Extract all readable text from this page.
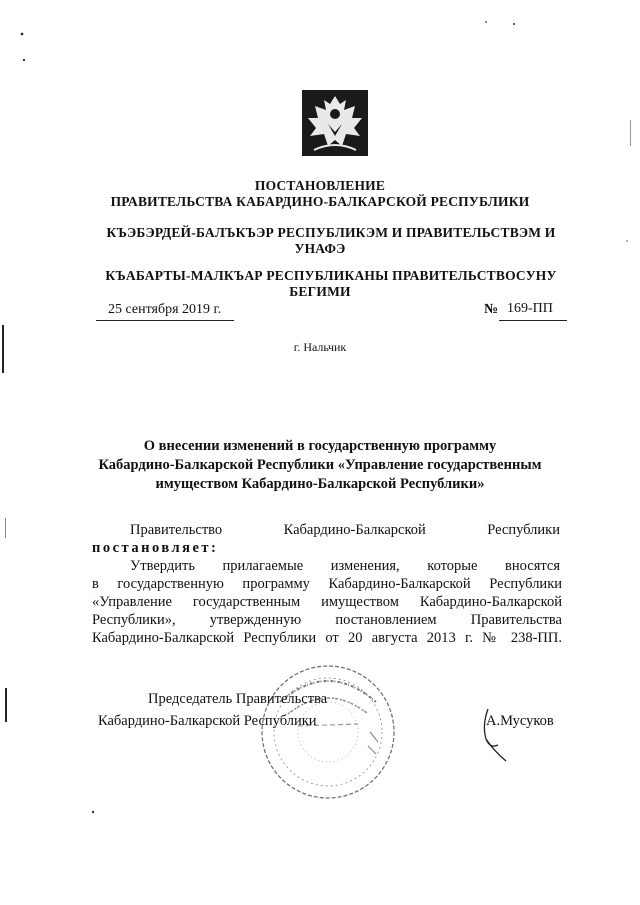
ПОСТАНОВЛЕНИЕ
ПРАВИТЕЛЬСТВА КАБАРДИНО-БАЛКАРСКОЙ РЕСПУБЛИКИ
КЪЭБЭРДЕЙ-БАЛЪКЪЭР РЕСПУБЛИКЭМ И ПРАВИТЕЛЬСТВЭМ И
УНАФЭ
КЪАБАРТЫ-МАЛКЪАР РЕСПУБЛИКАНЫ ПРАВИТЕЛЬСТВОСУНУ
БЕГИМИ
25 сентября 2019 г.	№ 169-ПП
г. Нальчик
О внесении изменений в государственную программу
Кабардино-Балкарской Республики «Управление государственным
имуществом Кабардино-Балкарской Республики»
Правительство Кабардино-Балкарской Республики
постановляет:
Утвердить прилагаемые изменения, которые вносятся
в государственную программу Кабардино-Балкарской Республики
«Управление государственным имуществом Кабардино-Балкарской
Республики», утвержденную постановлением Правительства
Кабардино-Балкарской Республики от 20 августа 2013 г. № 238-ПП.
Председатель Правительства
Кабардино-Балкарской Республики	А.Мусуков
